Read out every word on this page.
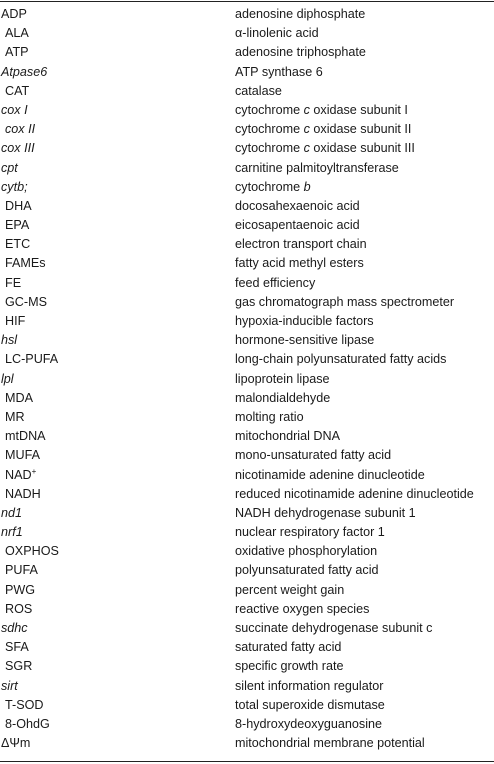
ADP	adenosine diphosphate
ALA	α-linolenic acid
ATP	adenosine triphosphate
Atpase6	ATP synthase 6
CAT	catalase
cox I	cytochrome c oxidase subunit I
cox II	cytochrome c oxidase subunit II
cox III	cytochrome c oxidase subunit III
cpt	carnitine palmitoyltransferase
cytb;	cytochrome b
DHA	docosahexaenoic acid
EPA	eicosapentaenoic acid
ETC	electron transport chain
FAMEs	fatty acid methyl esters
FE	feed efficiency
GC-MS	gas chromatograph mass spectrometer
HIF	hypoxia-inducible factors
hsl	hormone-sensitive lipase
LC-PUFA	long-chain polyunsaturated fatty acids
lpl	lipoprotein lipase
MDA	malondialdehyde
MR	molting ratio
mtDNA	mitochondrial DNA
MUFA	mono-unsaturated fatty acid
NAD+	nicotinamide adenine dinucleotide
NADH	reduced nicotinamide adenine dinucleotide
nd1	NADH dehydrogenase subunit 1
nrf1	nuclear respiratory factor 1
OXPHOS	oxidative phosphorylation
PUFA	polyunsaturated fatty acid
PWG	percent weight gain
ROS	reactive oxygen species
sdhc	succinate dehydrogenase subunit c
SFA	saturated fatty acid
SGR	specific growth rate
sirt	silent information regulator
T-SOD	total superoxide dismutase
8-OhdG	8-hydroxydeoxyguanosine
ΔΨm	mitochondrial membrane potential
